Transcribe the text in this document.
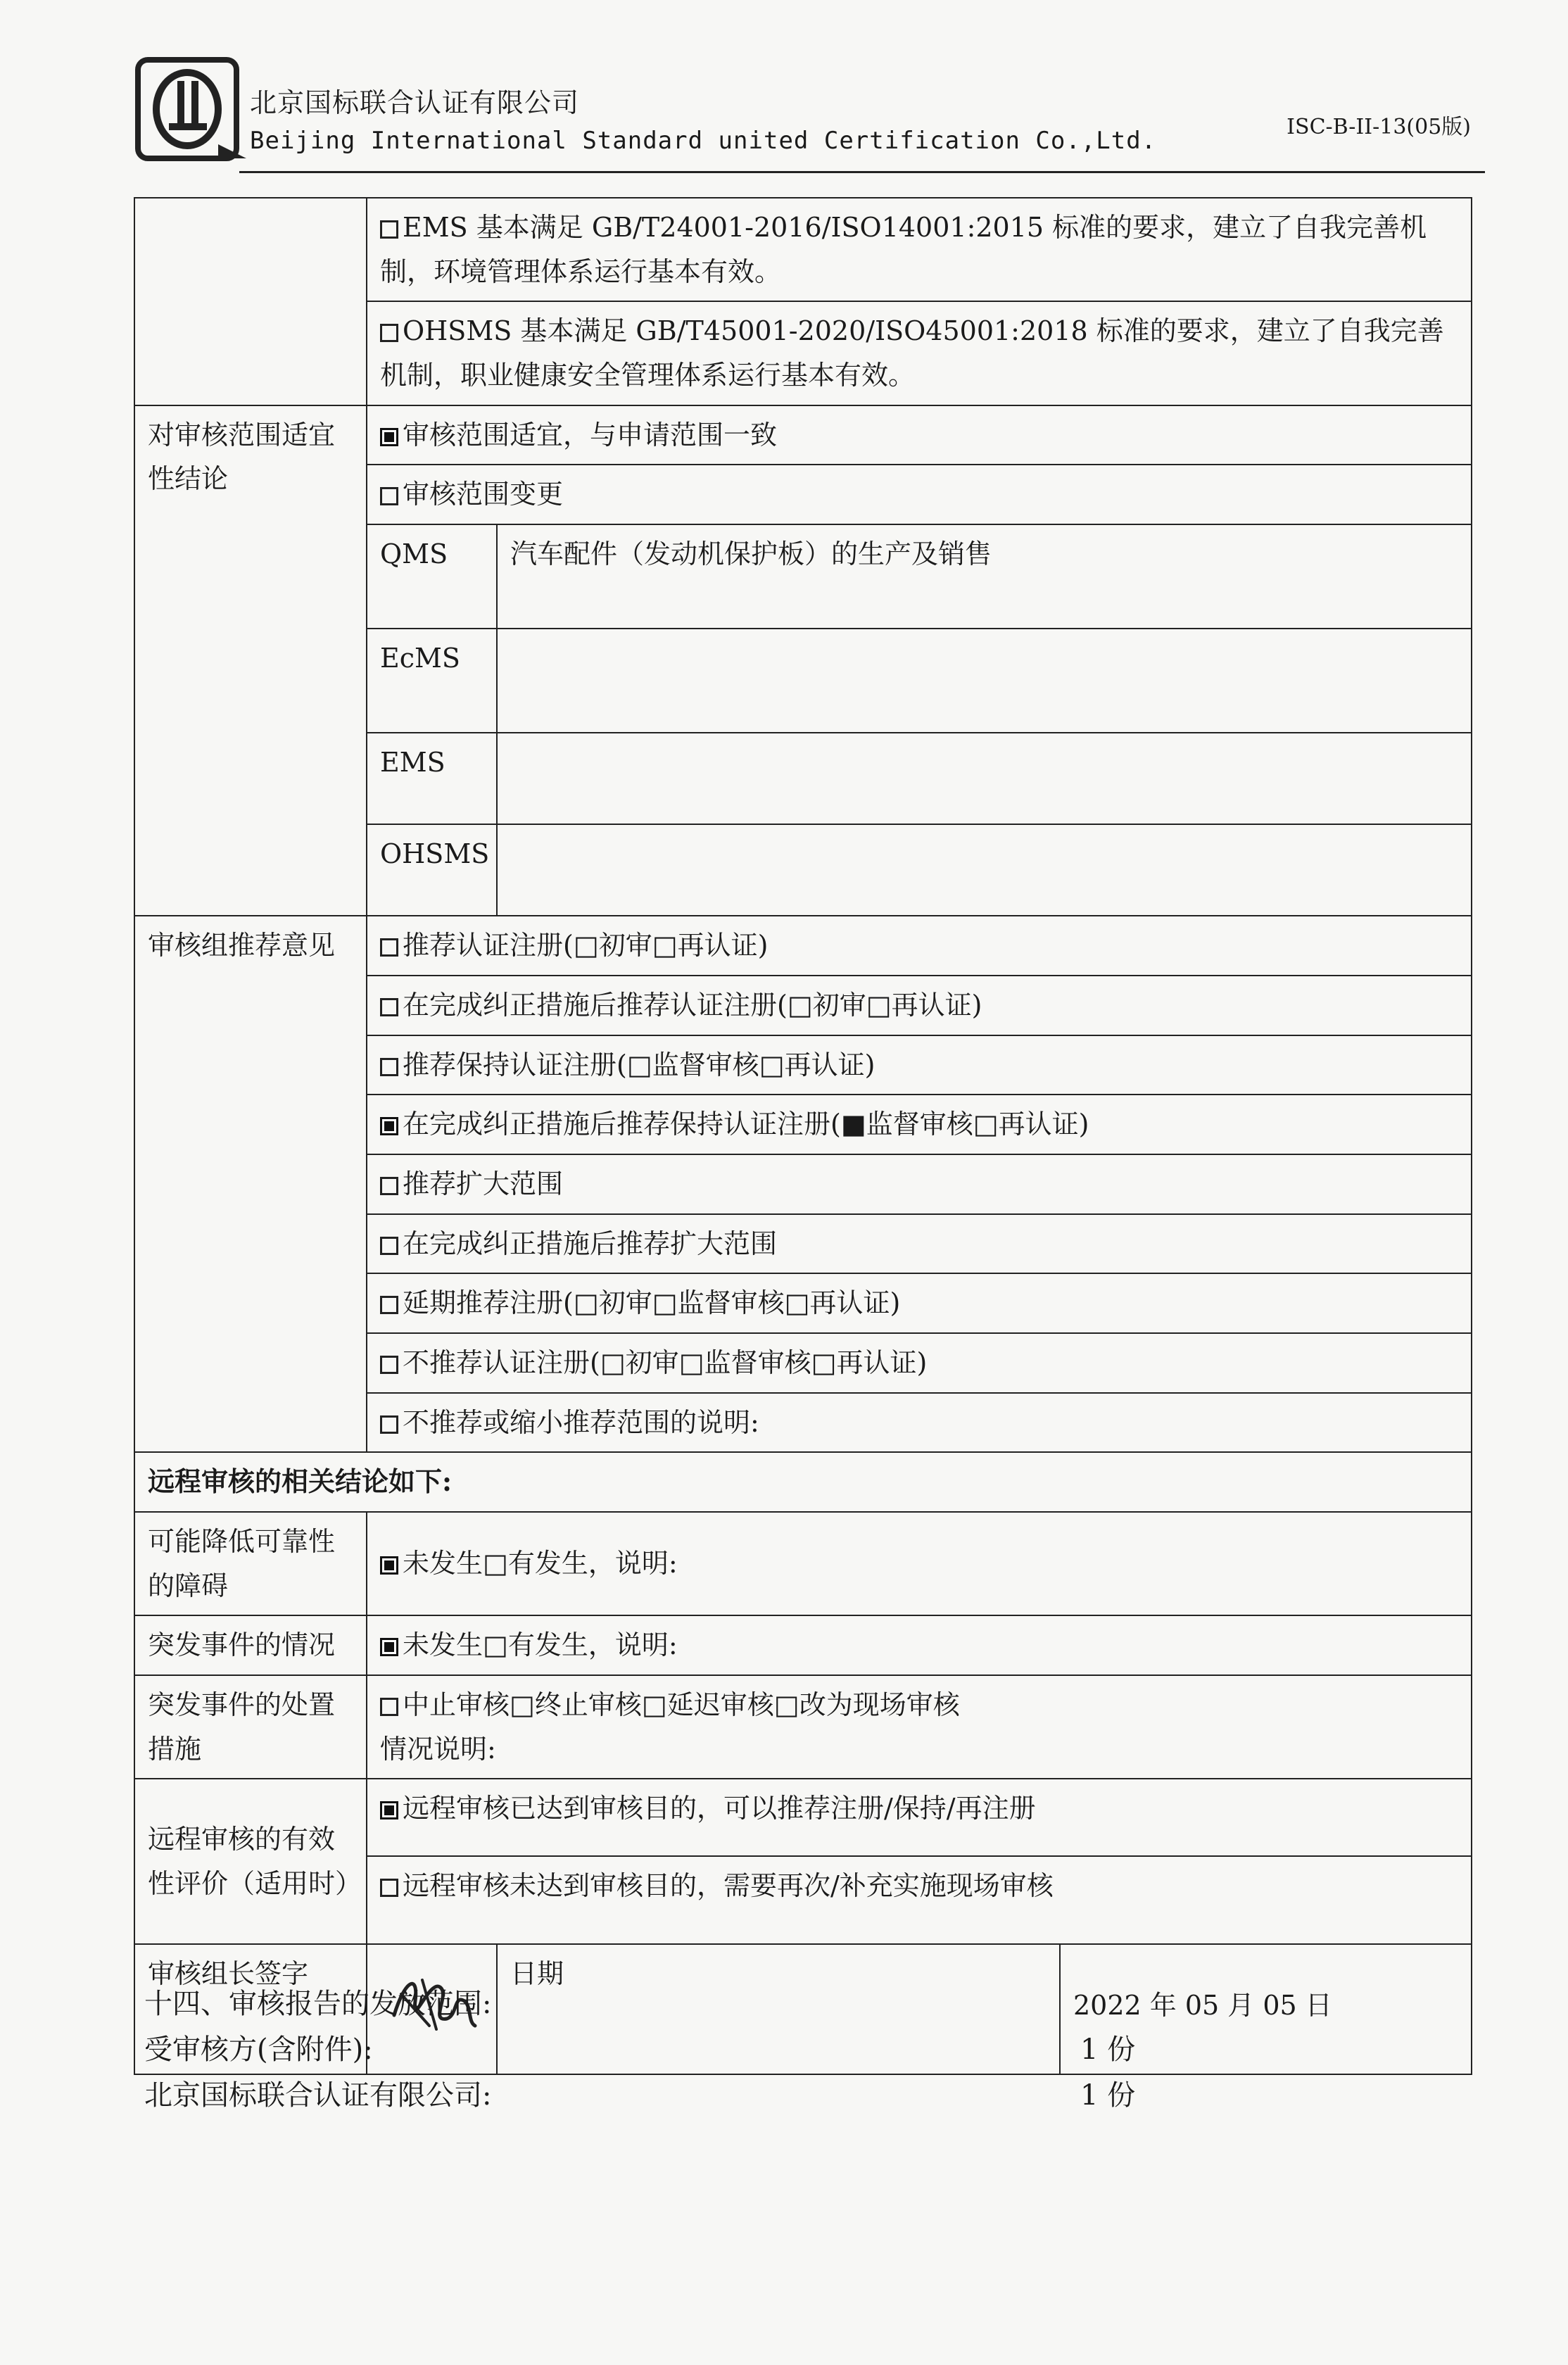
北京国标联合认证有限公司
Beijing International Standard united Certification Co.,Ltd.	ISC-B-II-13(05版)
	EMS 基本满足 GB/T24001-2016/ISO14001:2015 标准的要求，建立了自我完善机制，环境管理体系运行基本有效。		
	OHSMS 基本满足 GB/T45001-2020/ISO45001:2018 标准的要求，建立了自我完善机制，职业健康安全管理体系运行基本有效。		
对审核范围适宜性结论	审核范围适宜，与申请范围一致		
	审核范围变更		
	QMS	汽车配件（发动机保护板）的生产及销售	
	EcMS		
	EMS		
	OHSMS		
审核组推荐意见	推荐认证注册(□初审□再认证)		
	在完成纠正措施后推荐认证注册(□初审□再认证)		
	推荐保持认证注册(□监督审核□再认证)		
	在完成纠正措施后推荐保持认证注册(■监督审核□再认证)		
	推荐扩大范围		
	在完成纠正措施后推荐扩大范围		
	延期推荐注册(□初审□监督审核□再认证)		
	不推荐认证注册(□初审□监督审核□再认证)		
	不推荐或缩小推荐范围的说明:		
远程审核的相关结论如下:			
可能降低可靠性的障碍	未发生□有发生，说明:		
突发事件的情况	未发生□有发生，说明:		
突发事件的处置措施	中止审核□终止审核□延迟审核□改为现场审核
情况说明:		

远程审核的有效性评价（适用时）	远程审核已达到审核目的，可以推荐注册/保持/再注册		
	远程审核未达到审核目的，需要再次/补充实施现场审核		
审核组长签字		日期	2022 年 05 月 05 日
十四、审核报告的发放范围:
受审核方(含附件):	1 份
北京国标联合认证有限公司:	1 份
